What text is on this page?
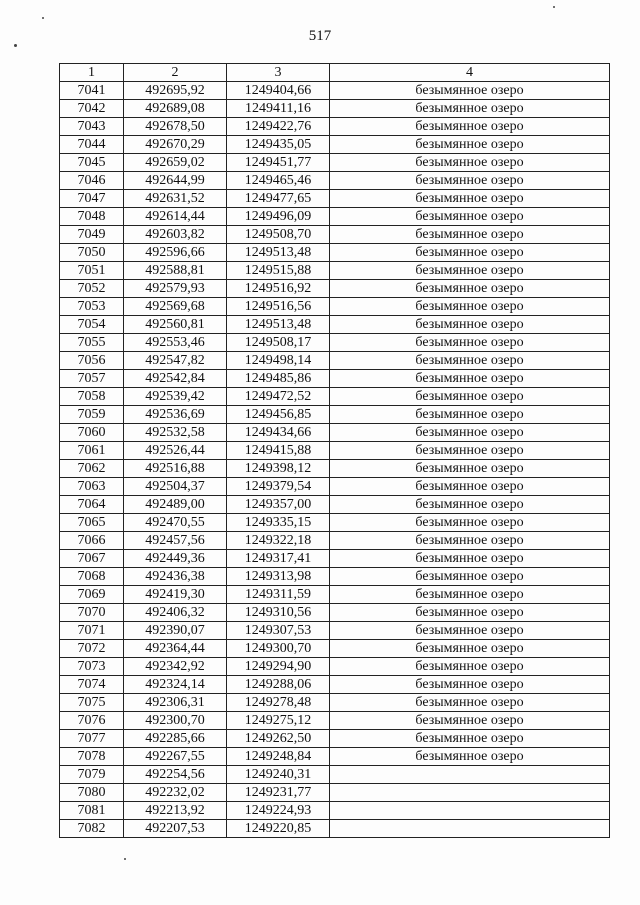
517
1	2	3	4
7041	492695,92	1249404,66	безымянное озеро
7042	492689,08	1249411,16	безымянное озеро
7043	492678,50	1249422,76	безымянное озеро
7044	492670,29	1249435,05	безымянное озеро
7045	492659,02	1249451,77	безымянное озеро
7046	492644,99	1249465,46	безымянное озеро
7047	492631,52	1249477,65	безымянное озеро
7048	492614,44	1249496,09	безымянное озеро
7049	492603,82	1249508,70	безымянное озеро
7050	492596,66	1249513,48	безымянное озеро
7051	492588,81	1249515,88	безымянное озеро
7052	492579,93	1249516,92	безымянное озеро
7053	492569,68	1249516,56	безымянное озеро
7054	492560,81	1249513,48	безымянное озеро
7055	492553,46	1249508,17	безымянное озеро
7056	492547,82	1249498,14	безымянное озеро
7057	492542,84	1249485,86	безымянное озеро
7058	492539,42	1249472,52	безымянное озеро
7059	492536,69	1249456,85	безымянное озеро
7060	492532,58	1249434,66	безымянное озеро
7061	492526,44	1249415,88	безымянное озеро
7062	492516,88	1249398,12	безымянное озеро
7063	492504,37	1249379,54	безымянное озеро
7064	492489,00	1249357,00	безымянное озеро
7065	492470,55	1249335,15	безымянное озеро
7066	492457,56	1249322,18	безымянное озеро
7067	492449,36	1249317,41	безымянное озеро
7068	492436,38	1249313,98	безымянное озеро
7069	492419,30	1249311,59	безымянное озеро
7070	492406,32	1249310,56	безымянное озеро
7071	492390,07	1249307,53	безымянное озеро
7072	492364,44	1249300,70	безымянное озеро
7073	492342,92	1249294,90	безымянное озеро
7074	492324,14	1249288,06	безымянное озеро
7075	492306,31	1249278,48	безымянное озеро
7076	492300,70	1249275,12	безымянное озеро
7077	492285,66	1249262,50	безымянное озеро
7078	492267,55	1249248,84	безымянное озеро
7079	492254,56	1249240,31	
7080	492232,02	1249231,77	
7081	492213,92	1249224,93	
7082	492207,53	1249220,85	
